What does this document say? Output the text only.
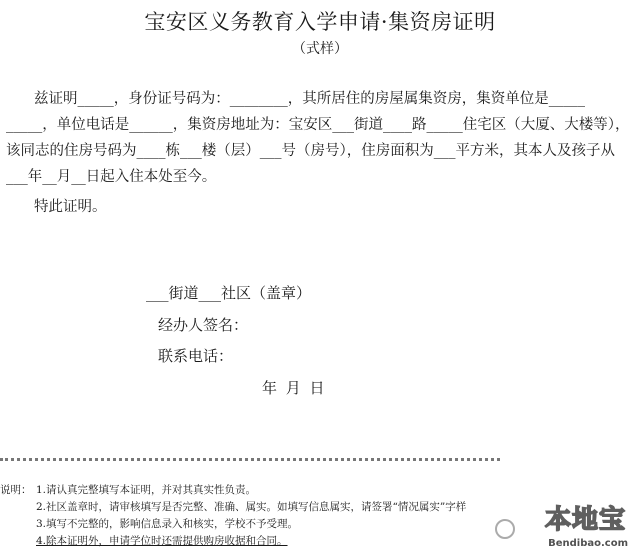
宝安区义务教育入学申请·集资房证明
（式样）

兹证明_____，身份证号码为：________，其所居住的房屋属集资房，集资单位是_____ _____，单位电话是______，集资房地址为：宝安区___街道____路_____住宅区（大厦、大楼等），该同志的住房号码为____栋___楼（层）___号（房号），住房面积为___平方米，其本人及孩子从___年__月__日起入住本处至今。

特此证明。

___街道___社区（盖章）
经办人签名：
联系电话：
年 月 日
说明： 1.请认真完整填写本证明，并对其真实性负责。
2.社区盖章时，请审核填写是否完整、准确、属实。如填写信息属实，请签署“情况属实”字样
3.填写不完整的，影响信息录入和核实，学校不予受理。
4.除本证明外，申请学位时还需提供购房收据和合同。
本地宝
Bendibao.com
